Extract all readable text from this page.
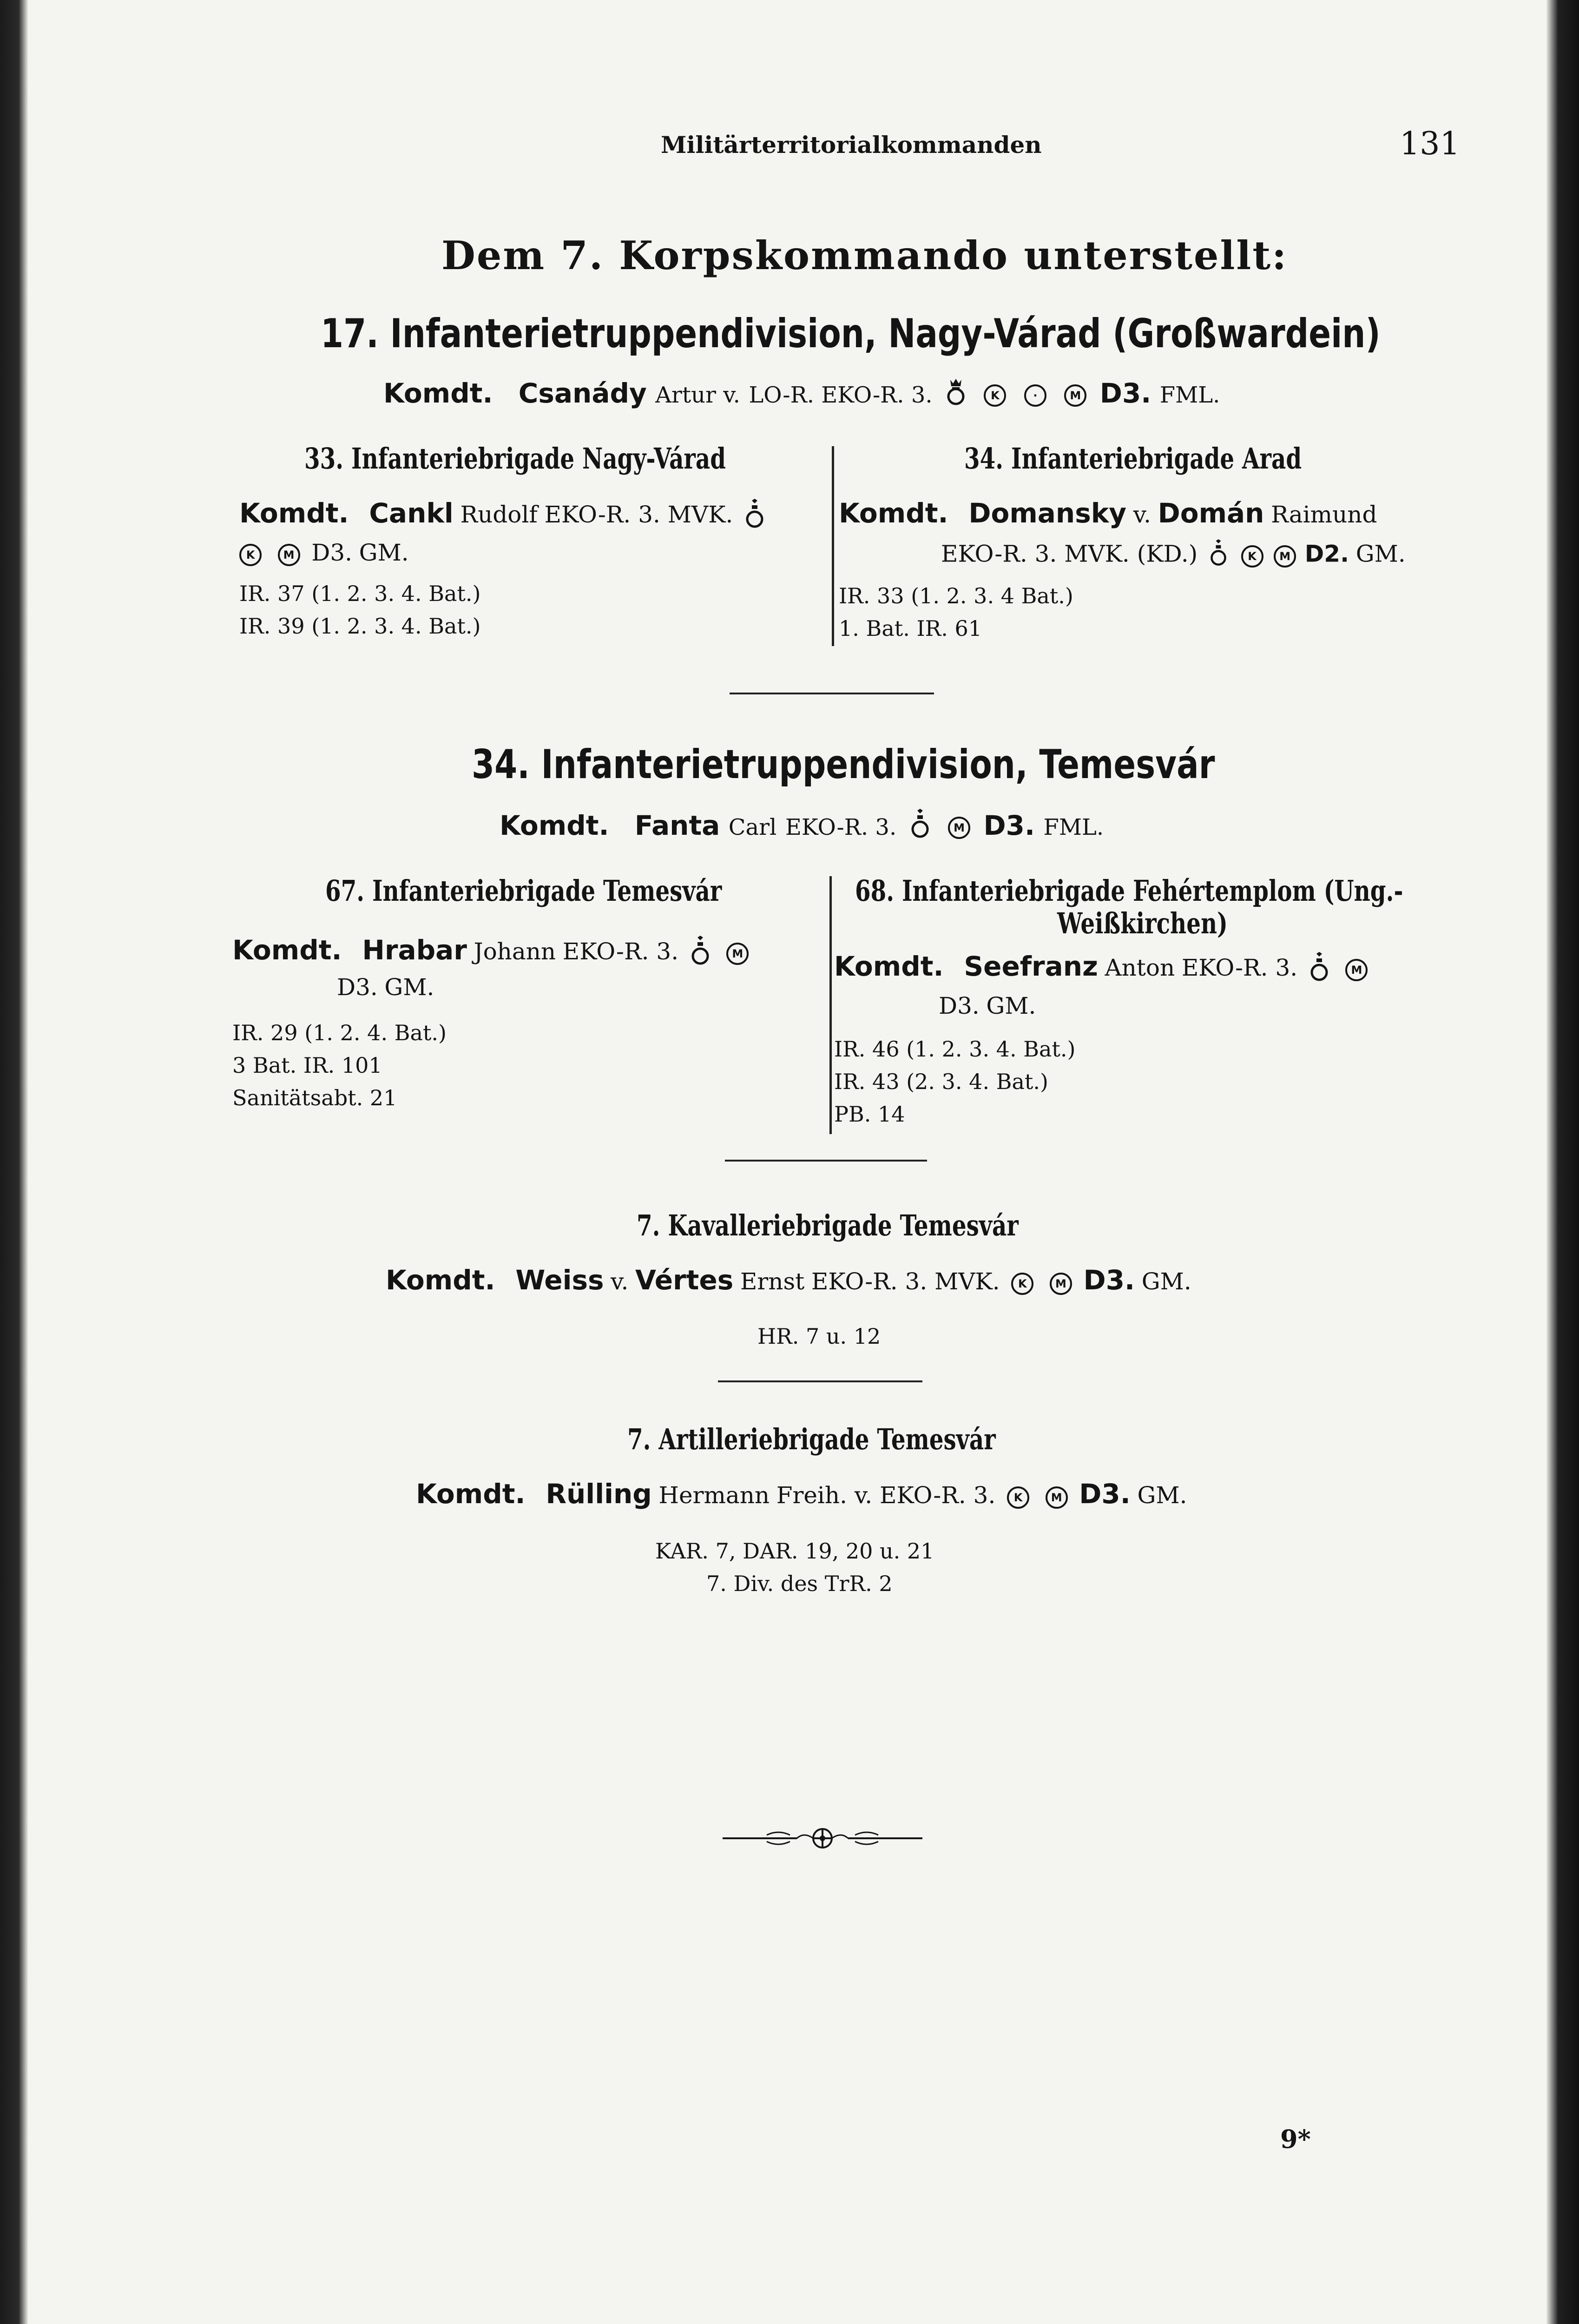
Militärterritorialkommanden	131
Dem 7. Korpskommando unterstellt:
17. Infanterietruppendivision, Nagy-Várad (Großwardein)
Komdt. Csanády Artur v. LO-R. EKO-R. 3.	K	·	M D3. FML.
33. Infanteriebrigade Nagy-Várad
Komdt. Cankl Rudolf EKO-R. 3. MVK.
K	M D3. GM.
IR. 37 (1. 2. 3. 4. Bat.)
IR. 39 (1. 2. 3. 4. Bat.)
34. Infanteriebrigade Arad
Komdt. Domansky v. Domán Raimund
EKO-R. 3. MVK. (KD.)	K M D2. GM.
IR. 33 (1. 2. 3. 4 Bat.)
1. Bat. IR. 61
34. Infanterietruppendivision, Temesvár
Komdt. Fanta Carl EKO-R. 3.	M D3. FML.
67. Infanteriebrigade Temesvár
Komdt. Hrabar Johann EKO-R. 3.	M
D3. GM.
IR. 29 (1. 2. 4. Bat.)
3 Bat. IR. 101
Sanitätsabt. 21
68. Infanteriebrigade Fehértemplom (Ung.-
Weißkirchen)
Komdt. Seefranz Anton EKO-R. 3.	M
D3. GM.
IR. 46 (1. 2. 3. 4. Bat.)
IR. 43 (2. 3. 4. Bat.)
PB. 14
7. Kavalleriebrigade Temesvár
Komdt. Weiss v. Vértes Ernst EKO-R. 3. MVK. K	M D3. GM.
HR. 7 u. 12
7. Artilleriebrigade Temesvár
Komdt. Rülling Hermann Freih. v. EKO-R. 3. K	M D3. GM.
KAR. 7, DAR. 19, 20 u. 21
7. Div. des TrR. 2
9*
